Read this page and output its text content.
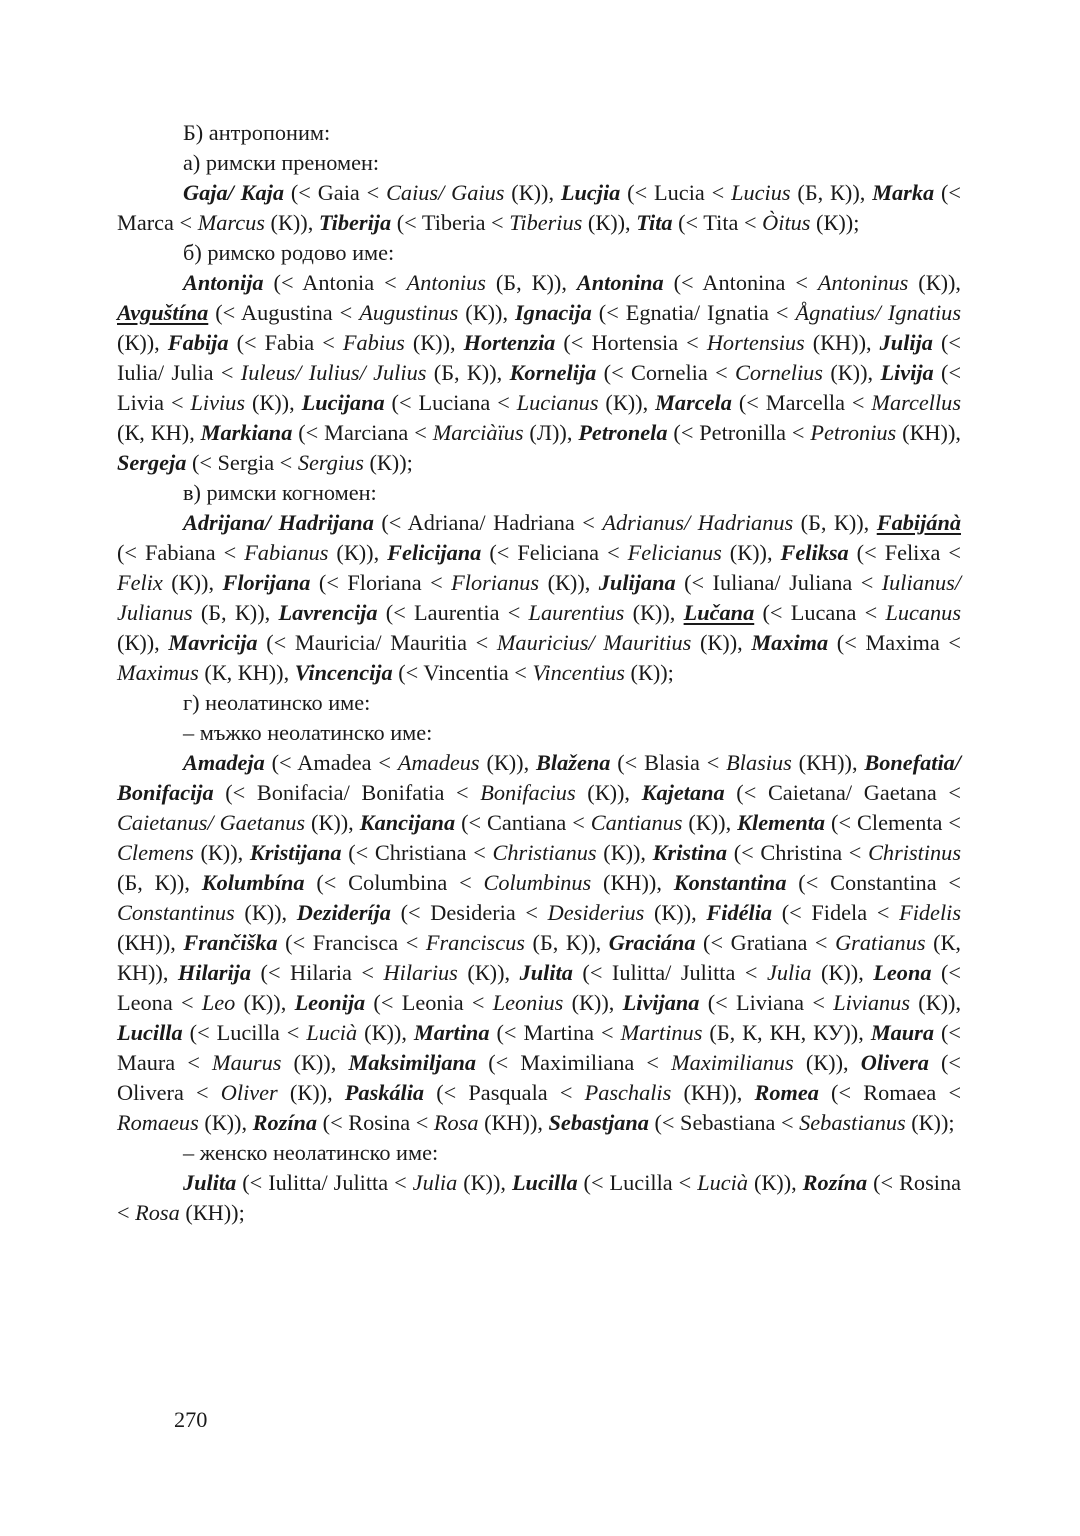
Б) антропоним:

а) римски преномен:

Gaja/ Kaja (< Gaia < Caius/ Gaius (К)), Lucjia (< Lucia < Lucius (Б, К)), Marka (< Marca < Marcus (К)), Tiberija (< Tiberia < Tiberius (К)), Tita (< Tita < Òitus (К));

б) римско родово име:

Antonija (< Antonia < Antonius (Б, К)), Antonina (< Antonina < Antoninus (К)), Avguštína (< Augustina < Augustinus (К)), Ignacija (< Egnatia/ Ignatia < Ågnatius/ Ignatius (К)), Fabija (< Fabia < Fabius (К)), Hortenzia (< Hortensia < Hortensius (КН)), Julija (< Iulia/ Julia < Iuleus/ Iulius/ Julius (Б, К)), Kornelija (< Cornelia < Cornelius (К)), Livija (< Livia < Livius (К)), Lucijana (< Luciana < Lucianus (К)), Marcela (< Marcella < Marcellus (К, КН), Markiana (< Marciana < Marciàïus (Л)), Petronela (< Petronilla < Petronius (КН)), Sergeja (< Sergia < Sergius (К));

в) римски когномен:

Adrijana/ Hadrijana (< Adriana/ Hadriana < Adrianus/ Hadrianus (Б, К)), Fabijánà (< Fabiana < Fabianus (К)), Felicijana (< Feliciana < Felicianus (К)), Feliksa (< Felixa < Felix (К)), Florijana (< Floriana < Florianus (К)), Julijana (< Iuliana/ Juliana < Iulianus/ Julianus (Б, К)), Lavrencija (< Laurentia < Laurentius (К)), Lučana (< Lucana < Lucanus (К)), Mavricija (< Mauricia/ Mauritia < Mauricius/ Mauritius (К)), Maxima (< Maxima < Maximus (К, КН)), Vincencija (< Vincentia < Vincentius (К));

г) неолатинско име:

– мъжко неолатинско име:

Amadeja (< Amadea < Amadeus (К)), Blažena (< Blasia < Blasius (КН)), Bonefatia/ Bonifacija (< Bonifacia/ Bonifatia < Bonifacius (К)), Kajetana (< Caietana/ Gaetana < Caietanus/ Gaetanus (К)), Kancijana (< Cantiana < Cantianus (К)), Klementa (< Clementa < Clemens (К)), Kristijana (< Christiana < Christianus (К)), Kristina (< Christina < Christinus (Б, К)), Kolumbína (< Columbina < Columbinus (КН)), Konstantina (< Constantina < Constantinus (К)), Dezideríja (< Desideria < Desiderius (К)), Fidélia (< Fidela < Fidelis (КН)), Frančiška (< Francisca < Franciscus (Б, К)), Graciána (< Gratiana < Gratianus (К, КН)), Hilarija (< Hilaria < Hilarius (К)), Julita (< Iulitta/ Julitta < Julia (К)), Leona (< Leona < Leo (К)), Leonija (< Leonia < Leonius (К)), Livijana (< Liviana < Livianus (К)), Lucilla (< Lucilla < Lucià (К)), Martina (< Martina < Martinus (Б, К, КН, КУ)), Maura (< Maura < Maurus (К)), Maksimiljana (< Maximiliana < Maximilianus (К)), Olivera (< Olivera < Oliver (К)), Paskália (< Pasquala < Paschalis (КН)), Romea (< Romaea < Romaeus (К)), Rozína (< Rosina < Rosa (КН)), Sebastjana (< Sebastiana < Sebastianus (К));

– женско неолатинско име:

Julita (< Iulitta/ Julitta < Julia (К)), Lucilla (< Lucilla < Lucià (К)), Rozína (< Rosina < Rosa (КН));

270
